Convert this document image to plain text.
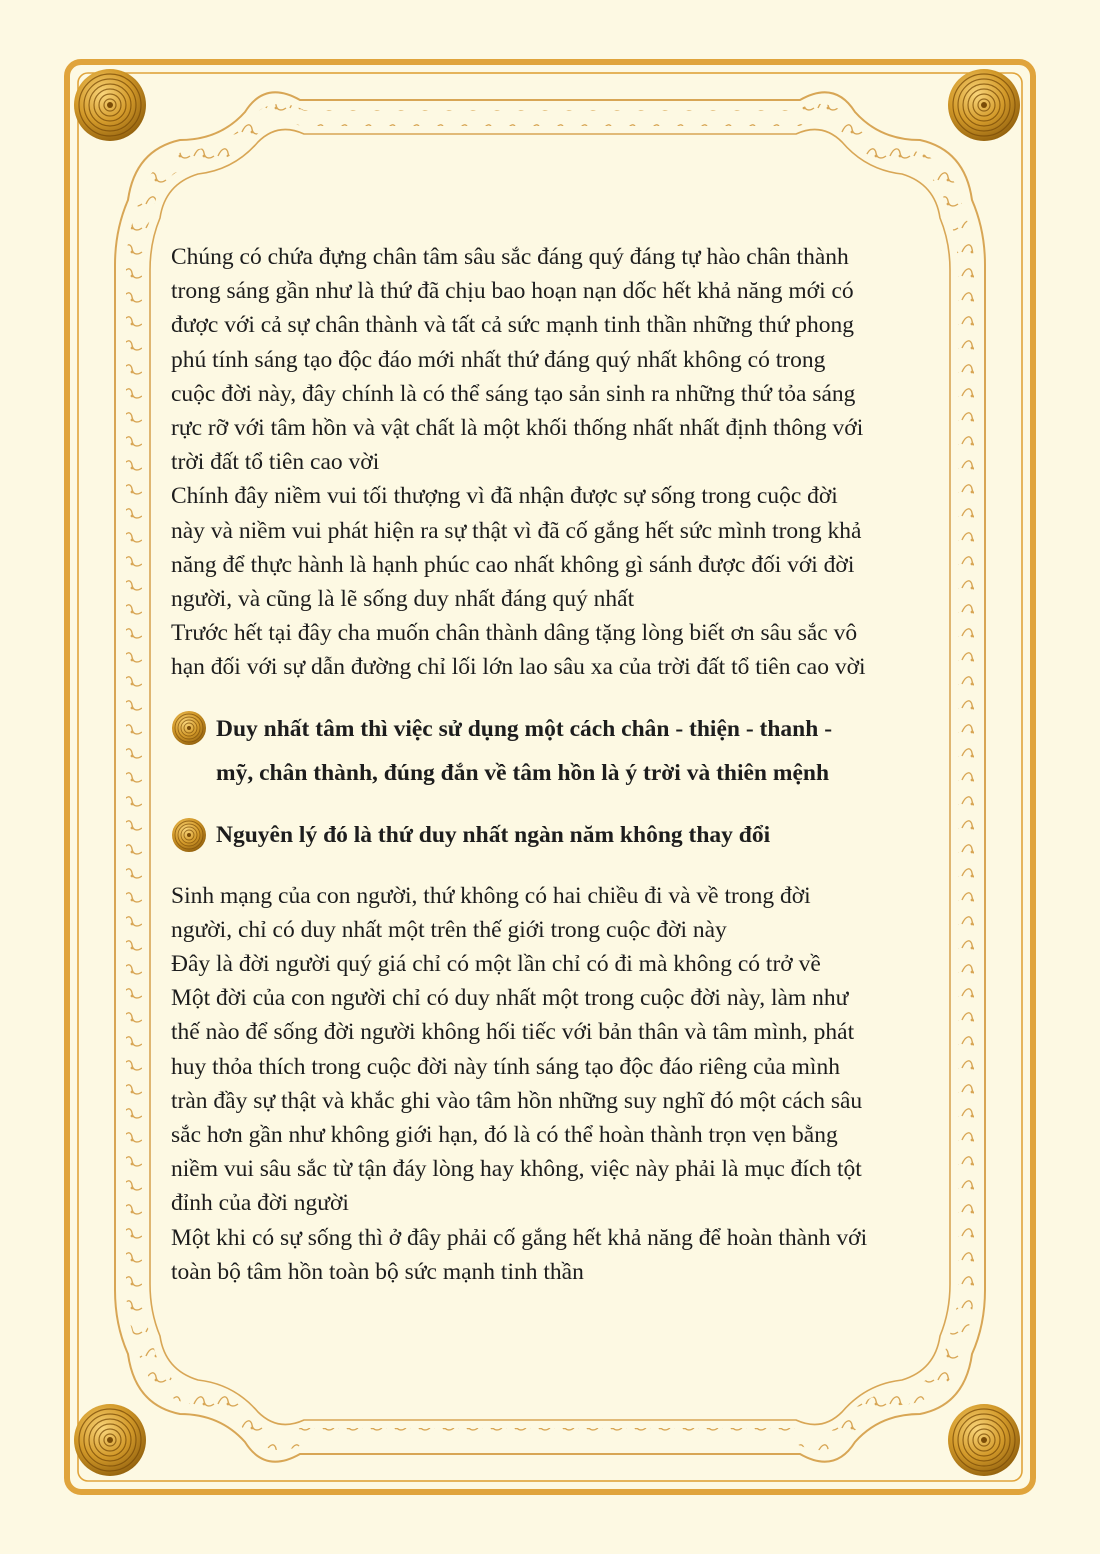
Chúng có chứa đựng chân tâm sâu sắc đáng quý đáng tự hào chân thành
trong sáng gần như là thứ đã chịu bao hoạn nạn dốc hết khả năng mới có
được với cả sự chân thành và tất cả sức mạnh tinh thần những thứ phong
phú tính sáng tạo độc đáo mới nhất thứ đáng quý nhất không có trong
cuộc đời này, đây chính là có thể sáng tạo sản sinh ra những thứ tỏa sáng
rực rỡ với tâm hồn và vật chất là một khối thống nhất nhất định thông với
trời đất tổ tiên cao vời
Chính đây niềm vui tối thượng vì đã nhận được sự sống trong cuộc đời
này và niềm vui phát hiện ra sự thật vì đã cố gắng hết sức mình trong khả
năng để thực hành là hạnh phúc cao nhất không gì sánh được đối với đời
người, và cũng là lẽ sống duy nhất đáng quý nhất
Trước hết tại đây cha muốn chân thành dâng tặng lòng biết ơn sâu sắc vô
hạn đối với sự dẫn đường chỉ lối lớn lao sâu xa của trời đất tổ tiên cao vời
Duy nhất tâm thì việc sử dụng một cách chân - thiện - thanh -
mỹ, chân thành, đúng đắn về tâm hồn là ý trời và thiên mệnh
Nguyên lý đó là thứ duy nhất ngàn năm không thay đổi
Sinh mạng của con người, thứ không có hai chiều đi và về trong đời
người, chỉ có duy nhất một trên thế giới trong cuộc đời này
Đây là đời người quý giá chỉ có một lần chỉ có đi mà không có trở về
Một đời của con người chỉ có duy nhất một trong cuộc đời này, làm như
thế nào để sống đời người không hối tiếc với bản thân và tâm mình, phát
huy thỏa thích trong cuộc đời này tính sáng tạo độc đáo riêng của mình
tràn đầy sự thật và khắc ghi vào tâm hồn những suy nghĩ đó một cách sâu
sắc hơn gần như không giới hạn, đó là có thể hoàn thành trọn vẹn bằng
niềm vui sâu sắc từ tận đáy lòng hay không, việc này phải là mục đích tột
đỉnh của đời người
Một khi có sự sống thì ở đây phải cố gắng hết khả năng để hoàn thành với
toàn bộ tâm hồn toàn bộ sức mạnh tinh thần
